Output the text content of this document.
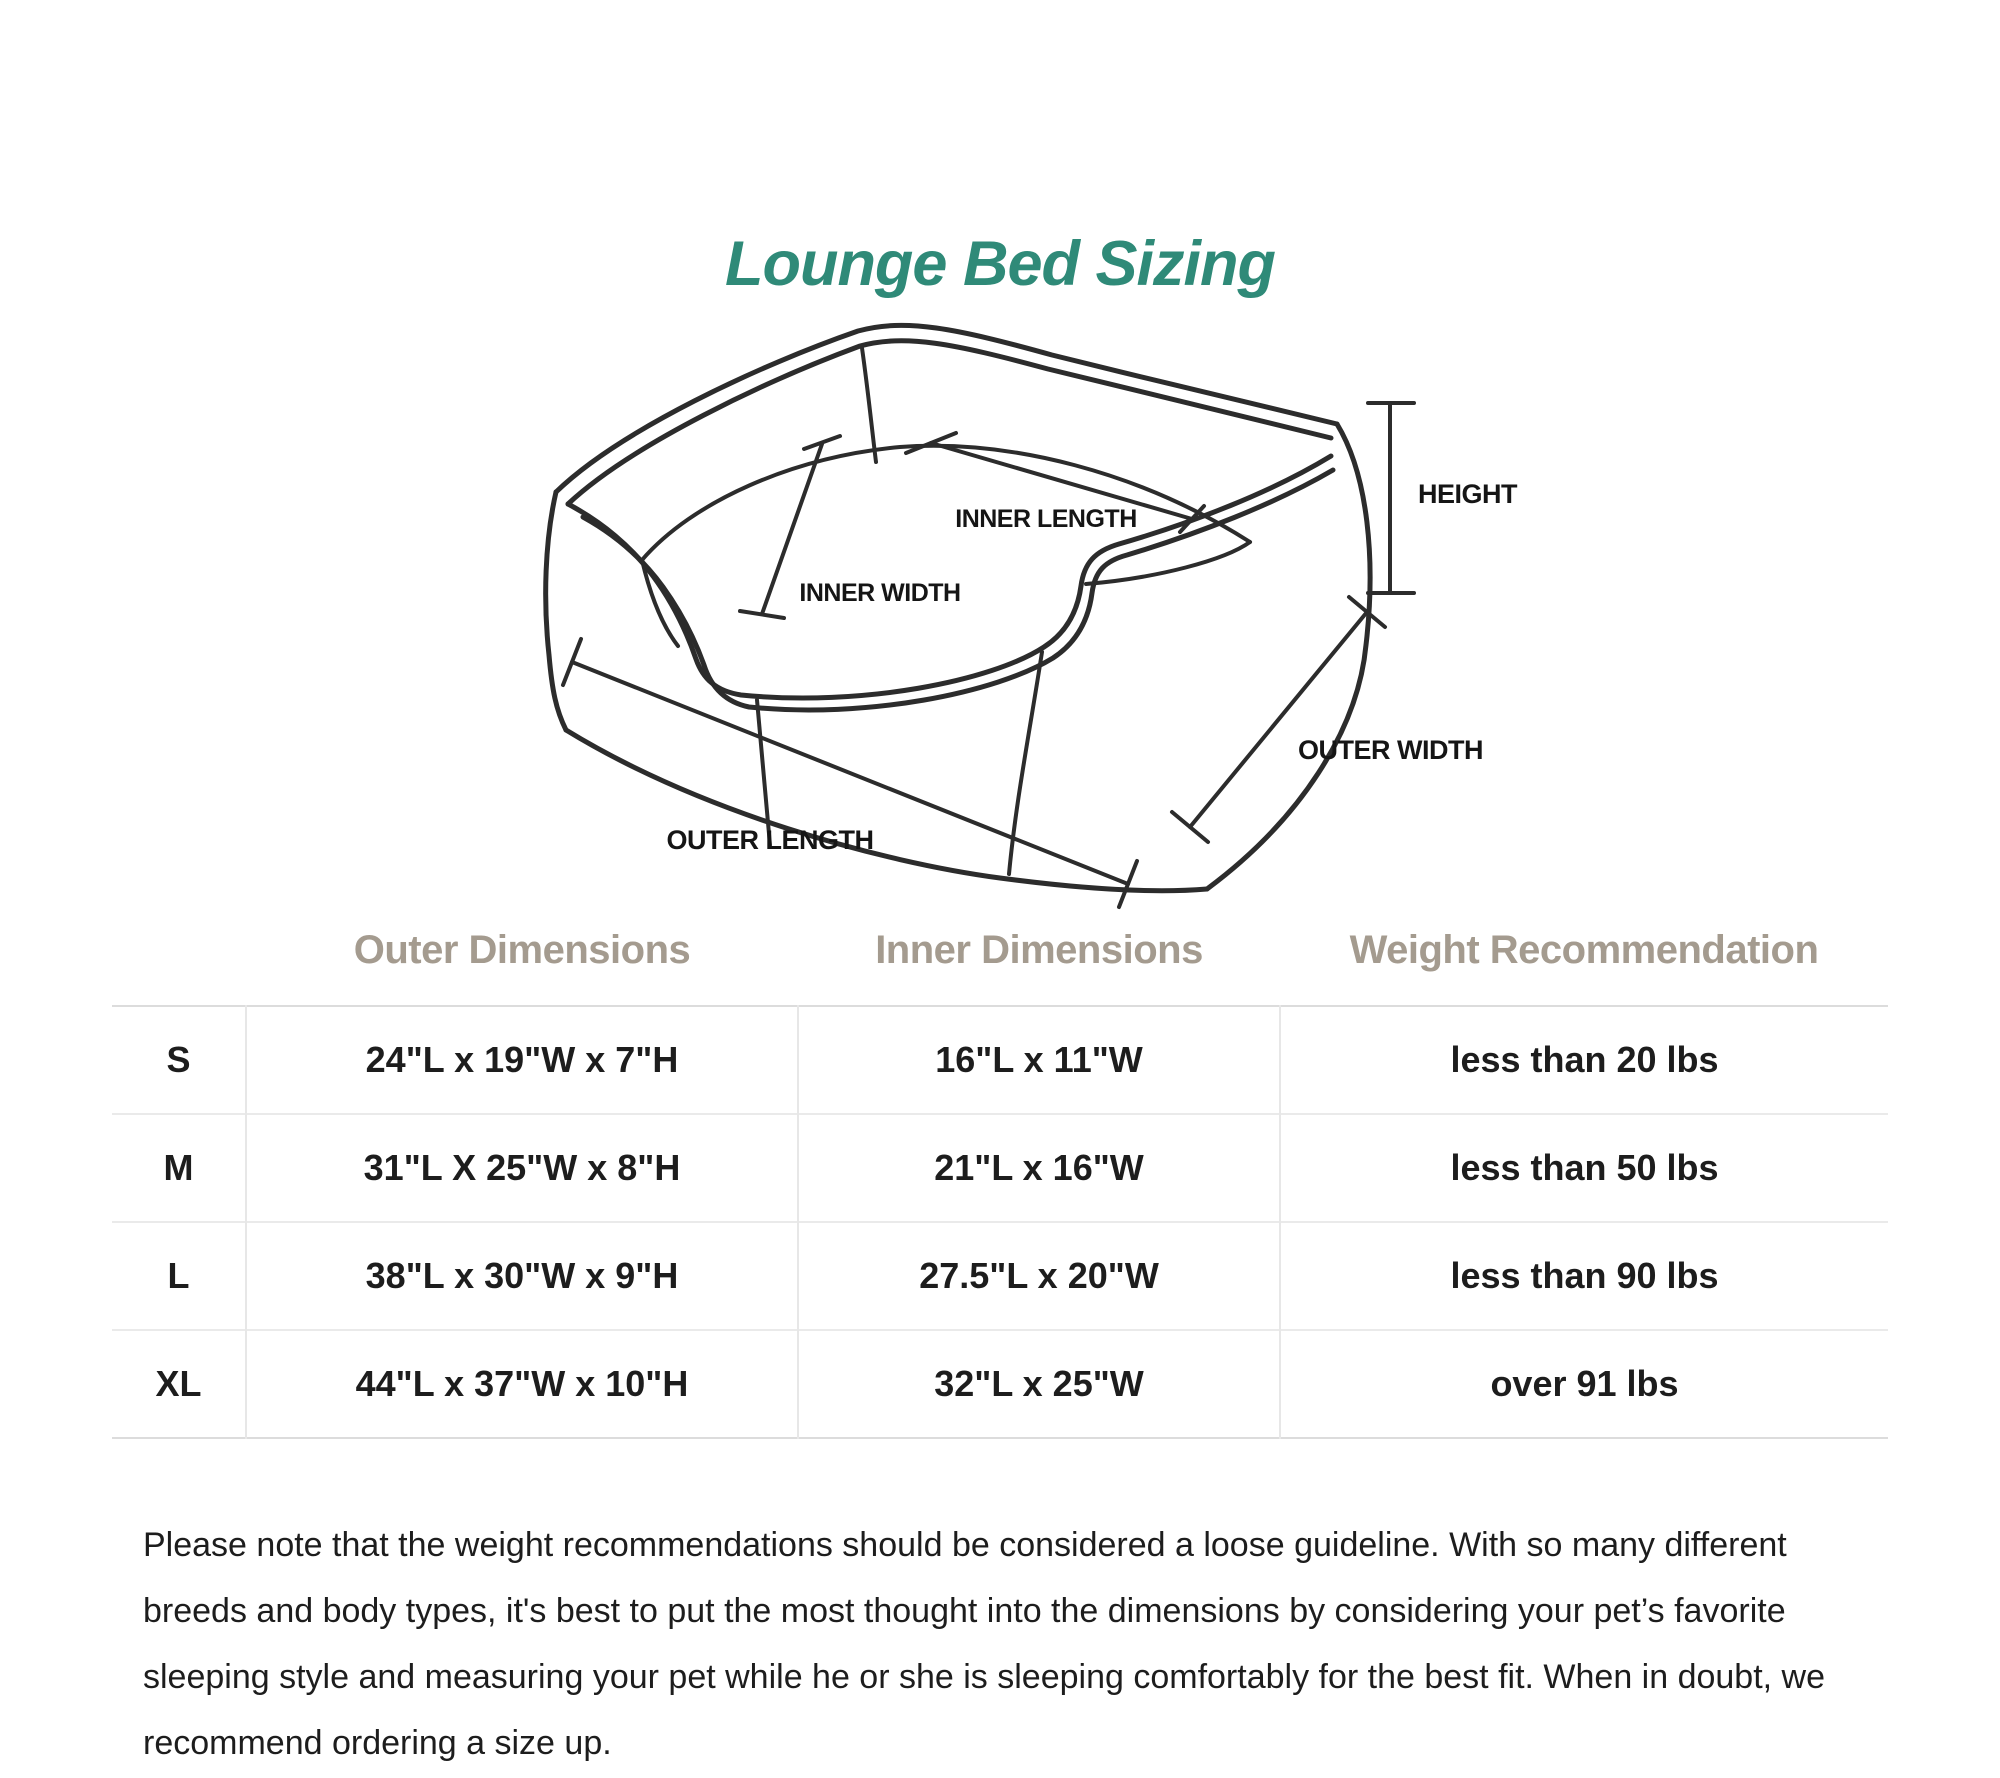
Lounge Bed Sizing
INNER LENGTH
INNER WIDTH
HEIGHT
OUTER WIDTH
OUTER LENGTH
Outer Dimensions	Inner Dimensions	Weight Recommendation
S	24"L x 19"W x 7"H	16"L x 11"W	less than 20 lbs
M	31"L X 25"W x 8"H	21"L x 16"W	less than 50 lbs
L	38"L x 30"W x 9"H	27.5"L x 20"W	less than 90 lbs
XL	44"L x 37"W x 10"H	32"L x 25"W	over 91 lbs

Please note that the weight recommendations should be considered a loose guideline. With so many different breeds and body types, it's best to put the most thought into the dimensions by considering your pet’s favorite sleeping style and measuring your pet while he or she is sleeping comfortably for the best fit. When in doubt, we recommend ordering a size up.
